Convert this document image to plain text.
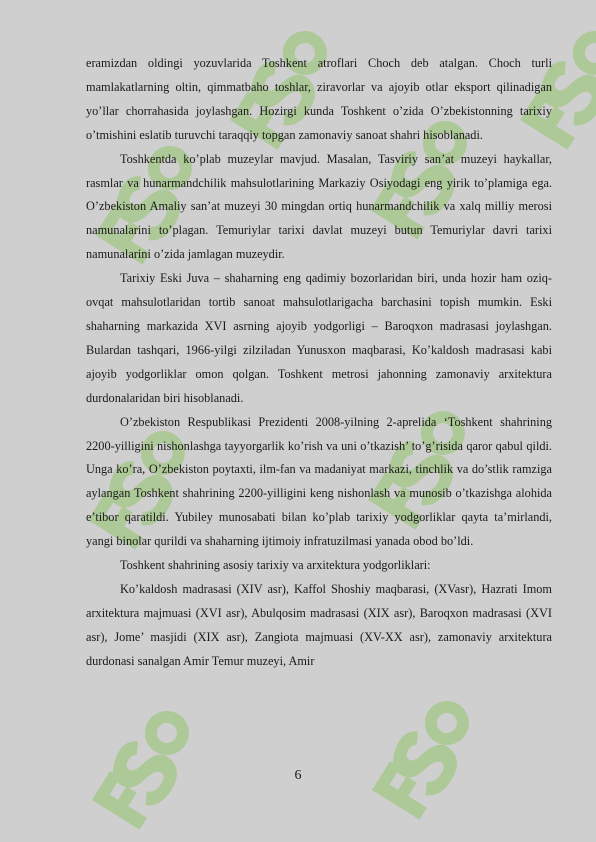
eramizdan oldingi yozuvlarida Toshkent atroflari Choch deb atalgan. Choch turli mamlakatlarning oltin, qimmatbaho toshlar, ziravorlar va ajoyib otlar eksport qilinadigan yo’llar chorrahasida joylashgan. Hozirgi kunda Toshkent o’zida O’zbekistonning tarixiy o’tmishini eslatib turuvchi taraqqiy topgan zamonaviy sanoat shahri hisoblanadi.

Toshkentda ko’plab muzeylar mavjud. Masalan, Tasviriy san’at muzeyi haykallar, rasmlar va hunarmandchilik mahsulotlarining Markaziy Osiyodagi eng yirik to’plamiga ega. O’zbekiston Amaliy san’at muzeyi 30 mingdan ortiq hunarmandchilik va xalq milliy merosi namunalarini to’plagan. Temuriylar tarixi davlat muzeyi butun Temuriylar davri tarixi namunalarini o’zida jamlagan muzeydir.

Tarixiy Eski Juva – shaharning eng qadimiy bozorlaridan biri, unda hozir ham oziq-ovqat mahsulotlaridan tortib sanoat mahsulotlarigacha barchasini topish mumkin. Eski shaharning markazida XVI asrning ajoyib yodgorligi – Baroqxon madrasasi joylashgan. Bulardan tashqari, 1966-yilgi zilziladan Yunusxon maqbarasi, Ko’kaldosh madrasasi kabi ajoyib yodgorliklar omon qolgan. Toshkent metrosi jahonning zamonaviy arxitektura durdonalaridan biri hisoblanadi.

O’zbekiston Respublikasi Prezidenti 2008-yilning 2-aprelida ‘Toshkent shahrining 2200-yilligini nishonlashga tayyorgarlik ko’rish va uni o’tkazish’ to’g’risida qaror qabul qildi. Unga ko’ra, O’zbekiston poytaxti, ilm-fan va madaniyat markazi, tinchlik va do’stlik ramziga aylangan Toshkent shahrining 2200-yilligini keng nishonlash va munosib o’tkazishga alohida e’tibor qaratildi. Yubiley munosabati bilan ko’plab tarixiy yodgorliklar qayta ta’mirlandi, yangi binolar qurildi va shaharning ijtimoiy infratuzilmasi yanada obod bo’ldi.

Toshkent shahrining asosiy tarixiy va arxitektura yodgorliklari:

Ko’kaldosh madrasasi (XIV asr), Kaffol Shoshiy maqbarasi, (XVasr), Hazrati Imom arxitektura majmuasi (XVI asr), Abulqosim madrasasi (XIX asr), Baroqxon madrasasi (XVI asr), Jome’ masjidi (XIX asr), Zangiota majmuasi (XV-XX asr), zamonaviy arxitektura durdonasi sanalgan Amir Temur muzeyi, Amir

6
